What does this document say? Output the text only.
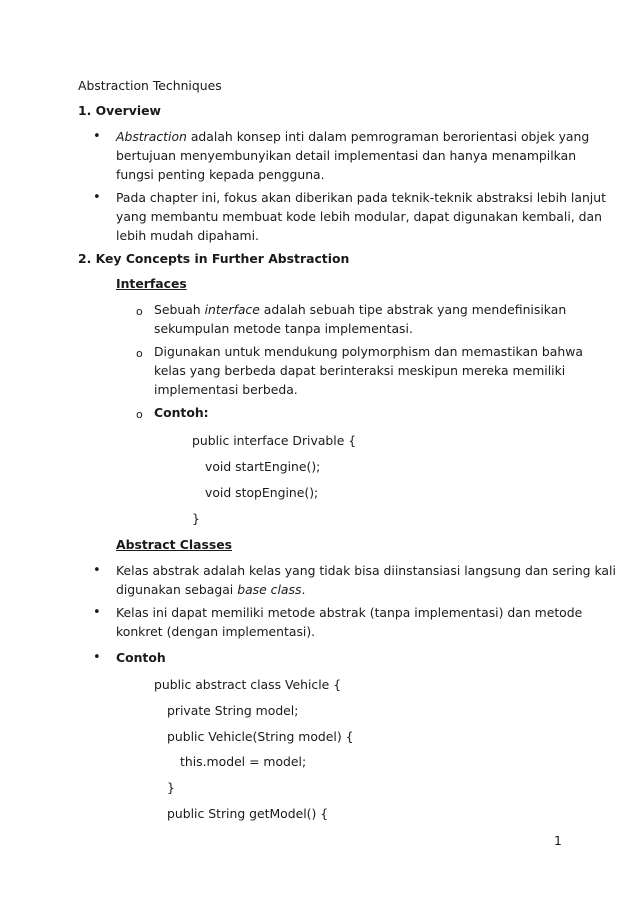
Abstraction Techniques
1. Overview
• Abstraction adalah konsep inti dalam pemrograman berorientasi objek yang
bertujuan menyembunyikan detail implementasi dan hanya menampilkan
fungsi penting kepada pengguna.
• Pada chapter ini, fokus akan diberikan pada teknik-teknik abstraksi lebih lanjut
yang membantu membuat kode lebih modular, dapat digunakan kembali, dan
lebih mudah dipahami.
2. Key Concepts in Further Abstraction
Interfaces
o Sebuah interface adalah sebuah tipe abstrak yang mendefinisikan
sekumpulan metode tanpa implementasi.
o Digunakan untuk mendukung polymorphism dan memastikan bahwa
kelas yang berbeda dapat berinteraksi meskipun mereka memiliki
implementasi berbeda.
o Contoh:
public interface Drivable {
void startEngine();
void stopEngine();
}
Abstract Classes
• Kelas abstrak adalah kelas yang tidak bisa diinstansiasi langsung dan sering kali
digunakan sebagai base class.
• Kelas ini dapat memiliki metode abstrak (tanpa implementasi) dan metode
konkret (dengan implementasi).
• Contoh
public abstract class Vehicle {
private String model;
public Vehicle(String model) {
this.model = model;
}
public String getModel() {
1
